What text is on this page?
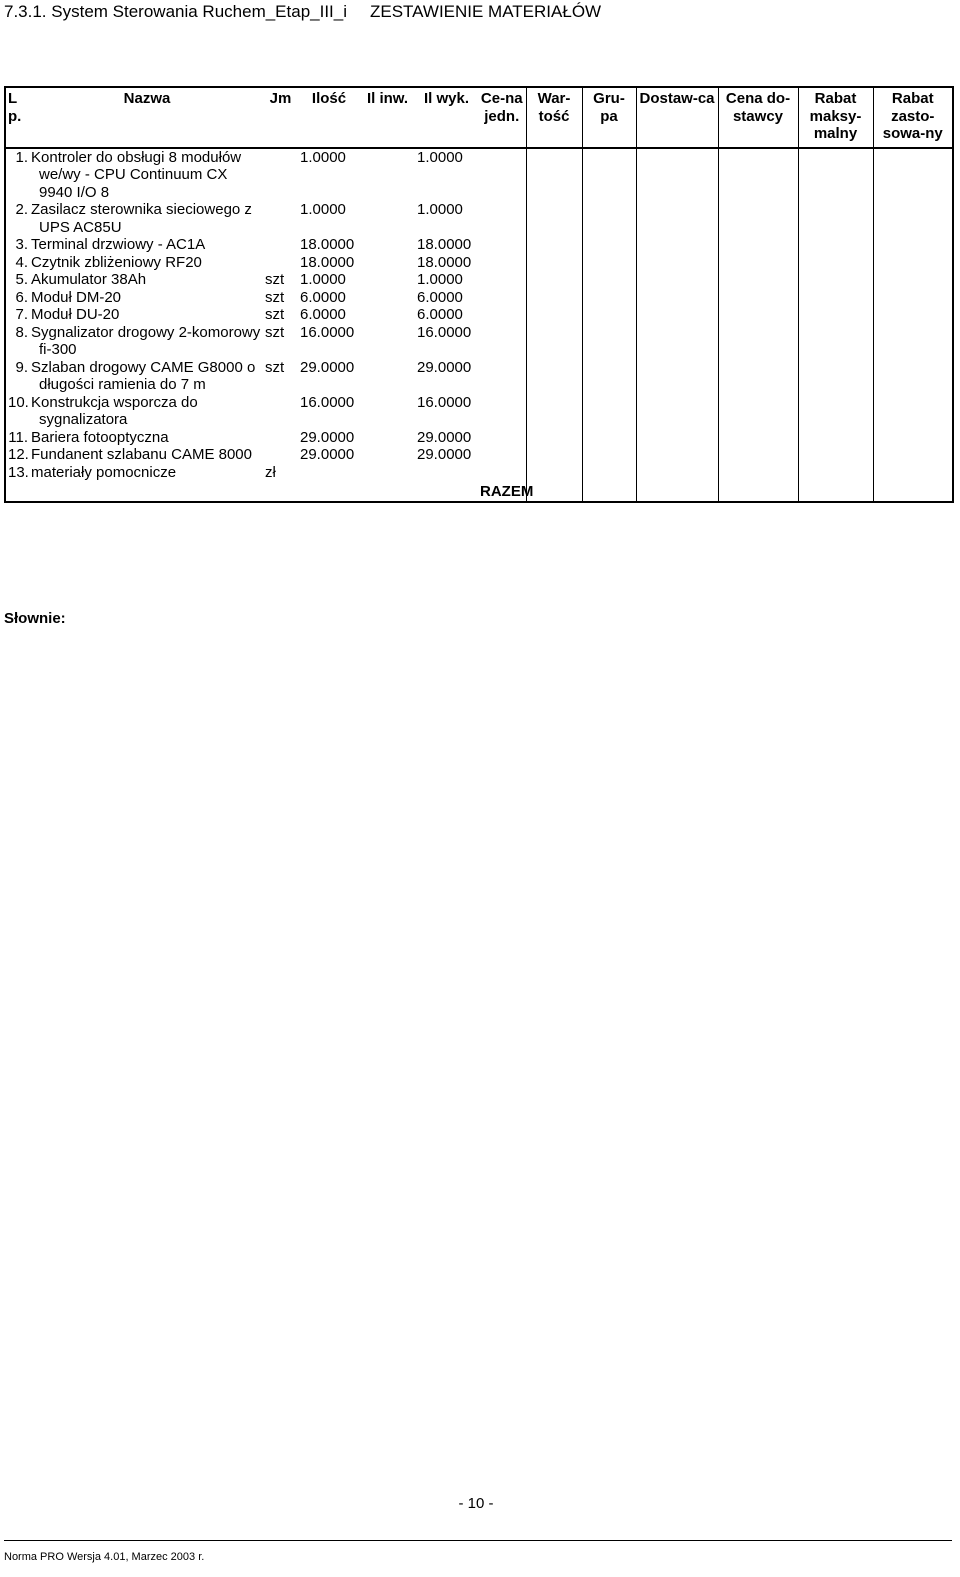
7.3.1. System Sterowania Ruchem_Etap_III_i ZESTAWIENIE MATERIAŁÓW
L p.	Nazwa	Jm	Ilość	Il inw.	Il wyk.	Ce-na jedn.	War-tość	Gru-pa	Dostaw-ca	Cena do-stawcy	Rabat maksy-malny	Rabat zasto-sowa-ny
1.	Kontroler do obsługi 8 modułów we/wy - CPU Continuum CX 9940 I/O 8		1.0000		1.0000							
2.	Zasilacz sterownika sieciowego z UPS AC85U		1.0000		1.0000							
3.	Terminal drzwiowy - AC1A		18.0000		18.0000							
4.	Czytnik zbliżeniowy RF20		18.0000		18.0000							
5.	Akumulator 38Ah	szt	1.0000		1.0000							
6.	Moduł DM-20	szt	6.0000		6.0000							
7.	Moduł DU-20	szt	6.0000		6.0000							
8.	Sygnalizator drogowy 2-komorowy fi-300	szt	16.0000		16.0000							
9.	Szlaban drogowy CAME G8000 o długości ramienia do 7 m	szt	29.0000		29.0000							
10.	Konstrukcja wsporcza do sygnalizatora		16.0000		16.0000							
11.	Bariera fotooptyczna		29.0000		29.0000							
12.	Fundanent szlabanu CAME 8000		29.0000		29.0000							
13.	materiały pomocnicze	zł										
						RAZEM						
Słownie:
- 10 -
Norma PRO Wersja 4.01, Marzec 2003 r.
